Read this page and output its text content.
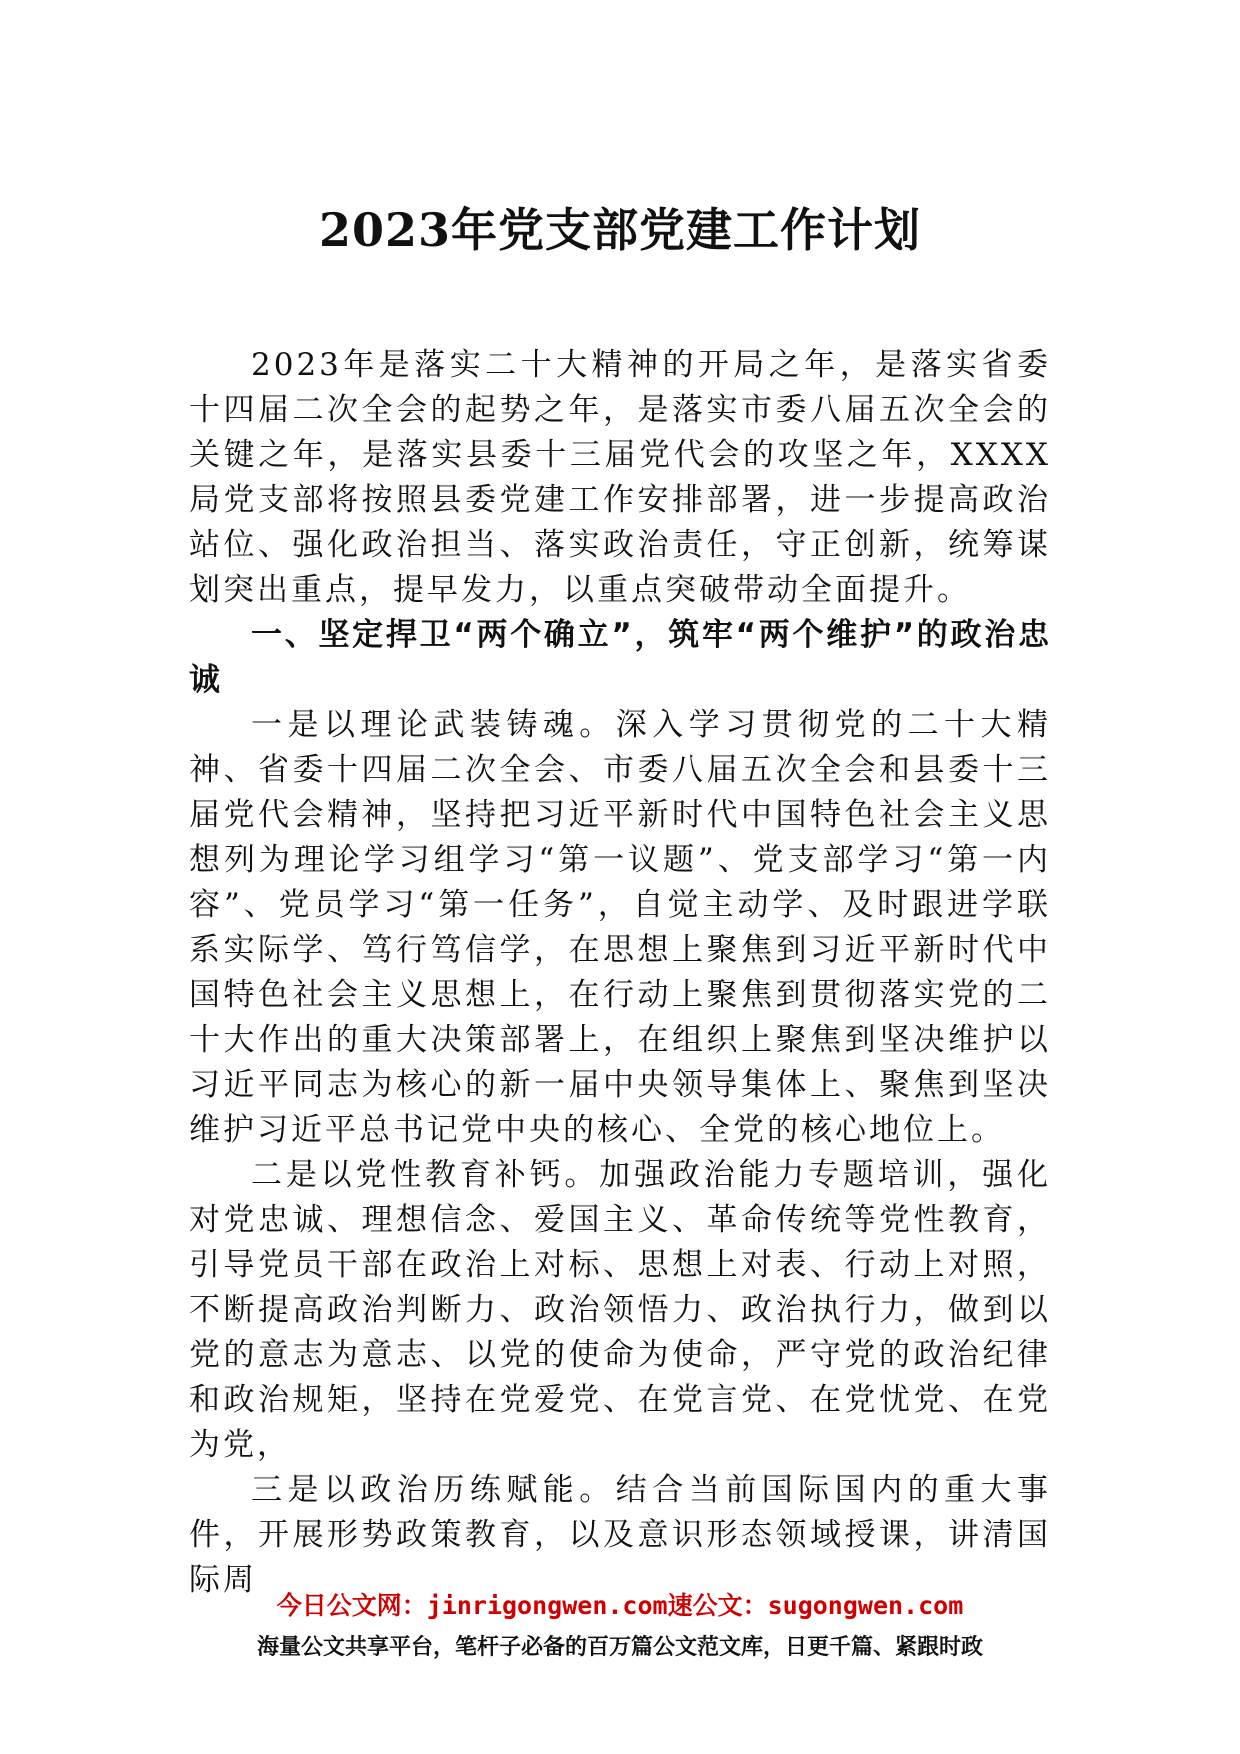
2023年党支部党建工作计划

2023年是落实二十大精神的开局之年，是落实省委十四届二次全会的起势之年，是落实市委八届五次全会的关键之年，是落实县委十三届党代会的攻坚之年，XXXX局党支部将按照县委党建工作安排部署，进一步提高政治站位、强化政治担当、落实政治责任，守正创新，统筹谋划突出重点，提早发力，以重点突破带动全面提升。

一、坚定捍卫“两个确立”，筑牢“两个维护”的政治忠诚

一是以理论武装铸魂。深入学习贯彻党的二十大精神、省委十四届二次全会、市委八届五次全会和县委十三届党代会精神，坚持把习近平新时代中国特色社会主义思想列为理论学习组学习“第一议题”、党支部学习“第一内容”、党员学习“第一任务”，自觉主动学、及时跟进学联系实际学、笃行笃信学，在思想上聚焦到习近平新时代中国特色社会主义思想上，在行动上聚焦到贯彻落实党的二十大作出的重大决策部署上，在组织上聚焦到坚决维护以习近平同志为核心的新一届中央领导集体上、聚焦到坚决维护习近平总书记党中央的核心、全党的核心地位上。

二是以党性教育补钙。加强政治能力专题培训，强化对党忠诚、理想信念、爱国主义、革命传统等党性教育，引导党员干部在政治上对标、思想上对表、行动上对照，不断提高政治判断力、政治领悟力、政治执行力，做到以党的意志为意志、以党的使命为使命，严守党的政治纪律和政治规矩，坚持在党爱党、在党言党、在党忧党、在党为党，

三是以政治历练赋能。结合当前国际国内的重大事件，开展形势政策教育，以及意识形态领域授课，讲清国际周

今日公文网：jinrigongwen.com速公文：sugongwen.com
海量公文共享平台，笔杆子必备的百万篇公文范文库，日更千篇、紧跟时政
